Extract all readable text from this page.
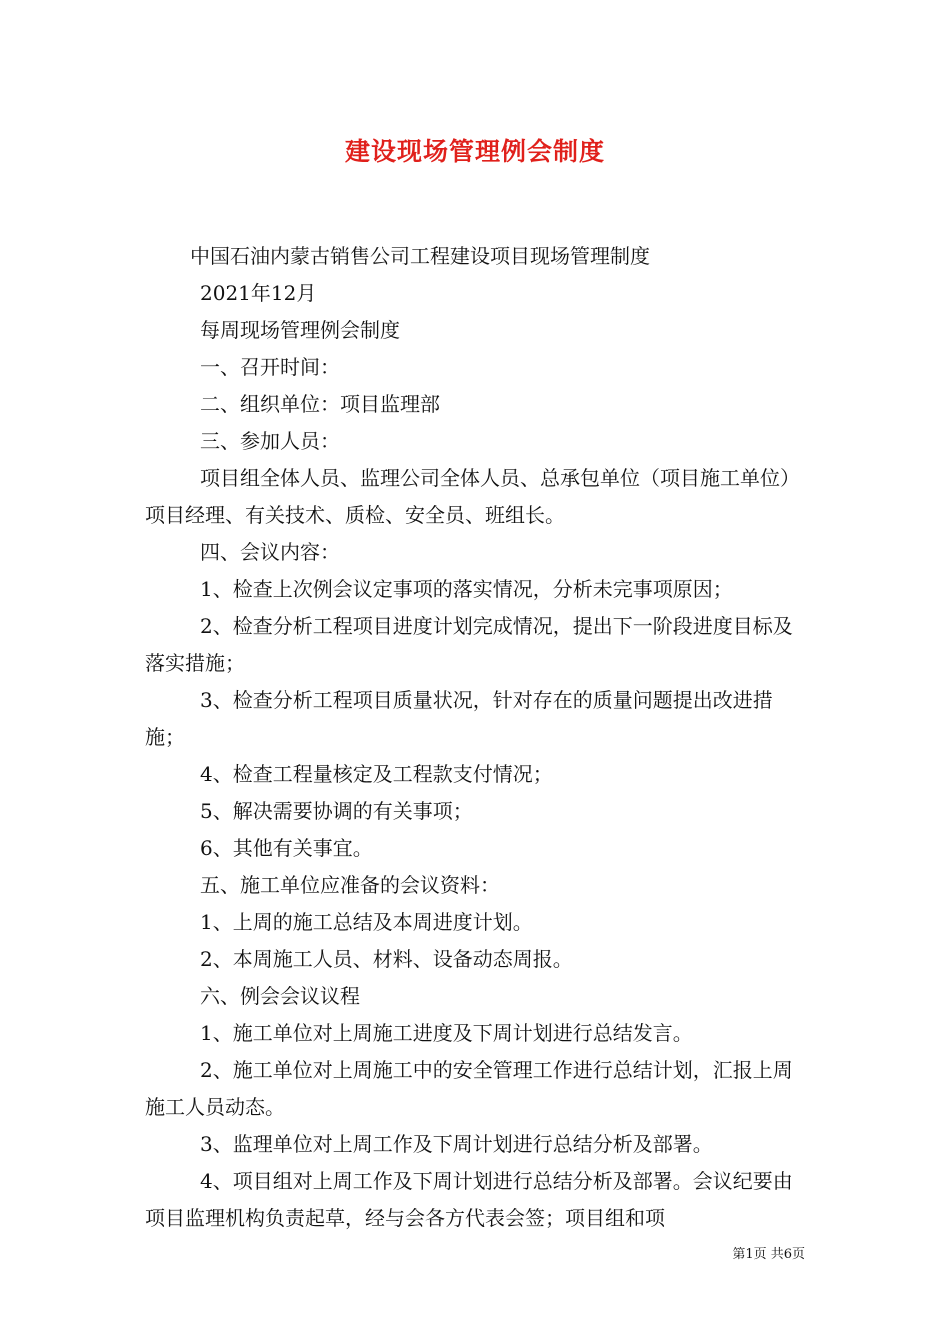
建设现场管理例会制度

中国石油内蒙古销售公司工程建设项目现场管理制度

2021年12月

每周现场管理例会制度

一、召开时间：

二、组织单位：项目监理部

三、参加人员：

项目组全体人员、监理公司全体人员、总承包单位（项目施工单位）项目经理、有关技术、质检、安全员、班组长。

四、会议内容：

1、检查上次例会议定事项的落实情况，分析未完事项原因；

2、检查分析工程项目进度计划完成情况，提出下一阶段进度目标及落实措施；

3、检查分析工程项目质量状况，针对存在的质量问题提出改进措施；

4、检查工程量核定及工程款支付情况；

5、解决需要协调的有关事项；

6、其他有关事宜。

五、施工单位应准备的会议资料：

1、上周的施工总结及本周进度计划。

2、本周施工人员、材料、设备动态周报。

六、例会会议议程

1、施工单位对上周施工进度及下周计划进行总结发言。

2、施工单位对上周施工中的安全管理工作进行总结计划，汇报上周施工人员动态。

3、监理单位对上周工作及下周计划进行总结分析及部署。

4、项目组对上周工作及下周计划进行总结分析及部署。会议纪要由项目监理机构负责起草，经与会各方代表会签；项目组和项

第1页 共6页
